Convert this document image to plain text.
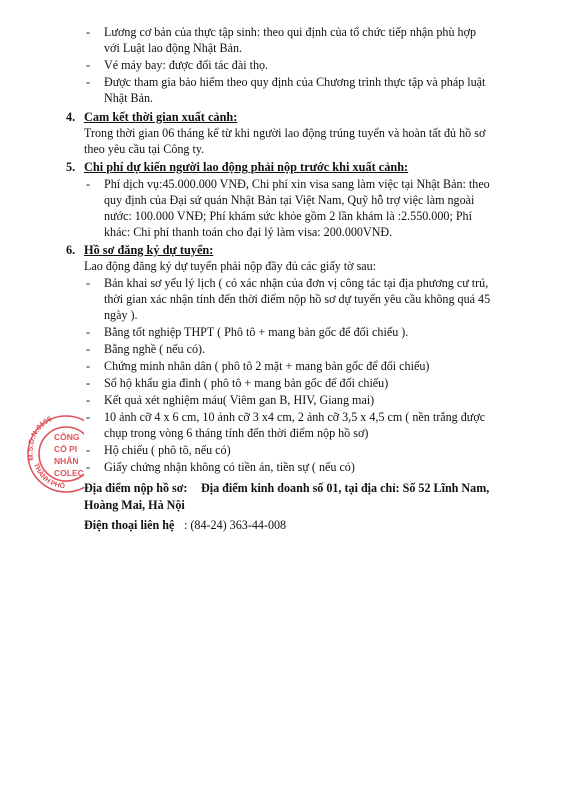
- Lương cơ bản của thực tập sinh: theo qui định của tổ chức tiếp nhận phù hợp
với Luật lao động Nhật Bản.
- Vé máy bay: được đối tác đài thọ.
- Được tham gia bảo hiểm theo quy định của Chương trình thực tập và pháp luật
Nhật Bản.
4. Cam kết thời gian xuất cảnh:
Trong thời gian 06 tháng kể từ khi người lao động trúng tuyển và hoàn tất đủ hồ sơ
theo yêu cầu tại Công ty.
5. Chi phí dự kiến người lao động phải nộp trước khi xuất cảnh:
- Phí dịch vụ:45.000.000 VNĐ, Chi phí xin visa sang làm việc tại Nhật Bản: theo
quy định của Đại sứ quán Nhật Bản tại Việt Nam, Quỹ hỗ trợ việc làm ngoài
nước: 100.000 VNĐ; Phí khám sức khỏe gồm 2 lần khám là :2.550.000; Phí
khác: Chi phí thanh toán cho đại lý làm visa: 200.000VNĐ.
6. Hồ sơ đăng ký dự tuyển:
Lao động đăng ký dự tuyển phải nộp đầy đủ các giấy tờ sau:
- Bản khai sơ yếu lý lịch ( có xác nhận của đơn vị công tác tại địa phương cư trú,
thời gian xác nhận tính đến thời điểm nộp hồ sơ dự tuyển yêu cầu không quá 45
ngày ).
- Bằng tốt nghiệp THPT ( Phô tô + mang bản gốc để đối chiếu ).
- Bằng nghề ( nếu có).
- Chứng minh nhân dân ( phô tô 2 mặt + mang bản gốc để đối chiếu)
- Sổ hộ khẩu gia đình ( phô tô + mang bản gốc để đối chiếu)
- Kết quả xét nghiệm máu( Viêm gan B, HIV, Giang mai)
- 10 ảnh cỡ 4 x 6 cm, 10 ảnh cỡ 3 x4 cm, 2 ảnh cỡ 3,5 x 4,5 cm ( nền trắng được
chụp trong vòng 6 tháng tính đến thời điểm nộp hồ sơ)
- Hộ chiếu ( phô tô, nếu có)
- Giấy chứng nhận không có tiền án, tiền sự ( nếu có)
Địa điểm nộp hồ sơ: Địa điểm kinh doanh số 01, tại địa chỉ: Số 52 Lĩnh Nam,
Hoàng Mai, Hà Nội
Điện thoại liên hệ : (84-24) 363-44-008
M.S.D.N:0106
THÀNH PHỐ
CÔNG
CỔ PI
NHÂN
COLEC
